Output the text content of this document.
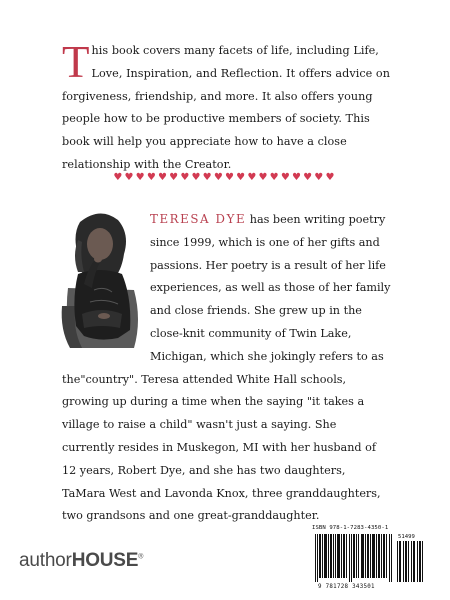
This book covers many facets of life, including Life, Love, Inspiration, and Reflection. It offers advice on forgiveness, friendship, and more. It also offers young people how to be productive members of society. This book will help you appreciate how to have a close relationship with the Creator.
♥♥♥♥♥♥♥♥♥♥♥♥♥♥♥♥♥♥♥♥
TERESA DYE has been writing poetry since 1999, which is one of her gifts and passions. Her poetry is a result of her life experiences, as well as those of her family and close friends. She grew up in the close-knit community of Twin Lake, Michigan, which she jokingly refers to as the"country". Teresa attended White Hall schools, growing up during a time when the saying "it takes a village to raise a child" wasn't just a saying. She currently resides in Muskegon, MI with her husband of 12 years, Robert Dye, and she has two daughters, TaMara West and Lavonda Knox, three granddaughters, two grandsons and one great-granddaughter.
authorHOUSE®
ISBN 978-1-7283-4350-1
51499
9 781728 343501
